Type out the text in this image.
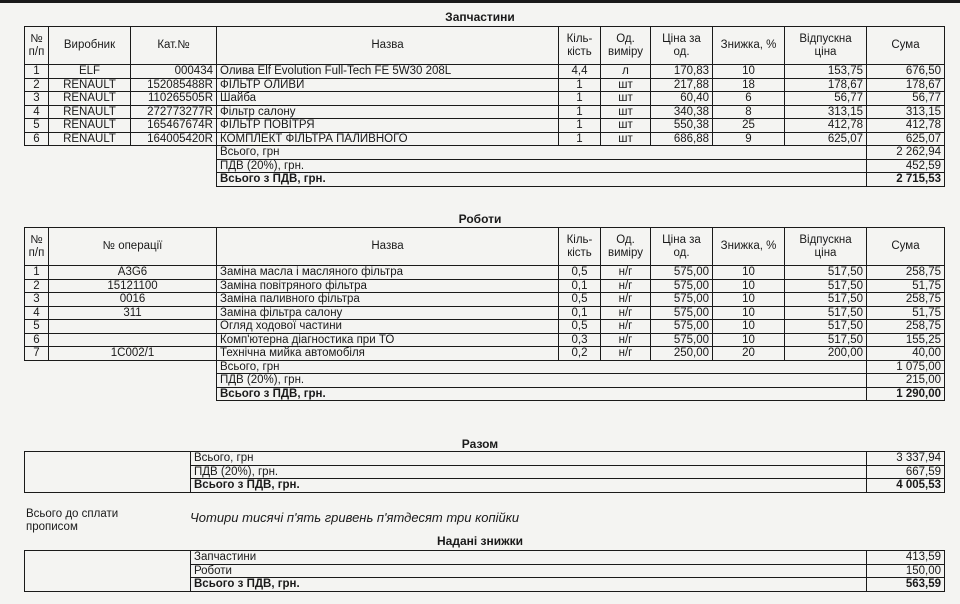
Запчастини
№ п/п	Виробник	Кат.№	Назва	Кіль-кість	Од. виміру	Ціна за од.	Знижка, %	Відпускна ціна	Сума
1	ELF	000434	Олива Elf Evolution Full-Tech FE 5W30 208L	4,4	л	170,83	10	153,75	676,50
2	RENAULT	152085488R	ФІЛЬТР ОЛИВИ	1	шт	217,88	18	178,67	178,67
3	RENAULT	110265505R	Шайба	1	шт	60,40	6	56,77	56,77
4	RENAULT	272773277R	Фільтр салону	1	шт	340,38	8	313,15	313,15
5	RENAULT	165467674R	ФІЛЬТР ПОВІТРЯ	1	шт	550,38	25	412,78	412,78
6	RENAULT	164005420R	КОМПЛЕКТ ФІЛЬТРА ПАЛИВНОГО	1	шт	686,88	9	625,07	625,07
			Всього, грн						2 262,94
			ПДВ (20%), грн.						452,59
			Всього з ПДВ, грн.						2 715,53
Роботи
№ п/п	№ операції	Назва	Кіль-кість	Од. виміру	Ціна за од.	Знижка, %	Відпускна ціна	Сума
1	A3G6	Заміна масла і масляного фільтра	0,5	н/г	575,00	10	517,50	258,75
2	15121100	Заміна повітряного фільтра	0,1	н/г	575,00	10	517,50	51,75
3	0016	Заміна паливного фільтра	0,5	н/г	575,00	10	517,50	258,75
4	311	Заміна фільтра салону	0,1	н/г	575,00	10	517,50	51,75
5		Огляд ходової частини	0,5	н/г	575,00	10	517,50	258,75
6		Комп'ютерна діагностика при ТО	0,3	н/г	575,00	10	517,50	155,25
7	1C002/1	Технічна мийка автомобіля	0,2	н/г	250,00	20	200,00	40,00
		Всього, грн						1 075,00
		ПДВ (20%), грн.						215,00
		Всього з ПДВ, грн.						1 290,00
Разом
	Всього, грн	3 337,94
	ПДВ (20%), грн.	667,59
	Всього з ПДВ, грн.	4 005,53
Всього до сплати
прописом
Чотири тисячі п'ять гривень п'ятдесят три копійки
Надані знижки
	Запчастини	413,59
	Роботи	150,00
	Всього з ПДВ, грн.	563,59
